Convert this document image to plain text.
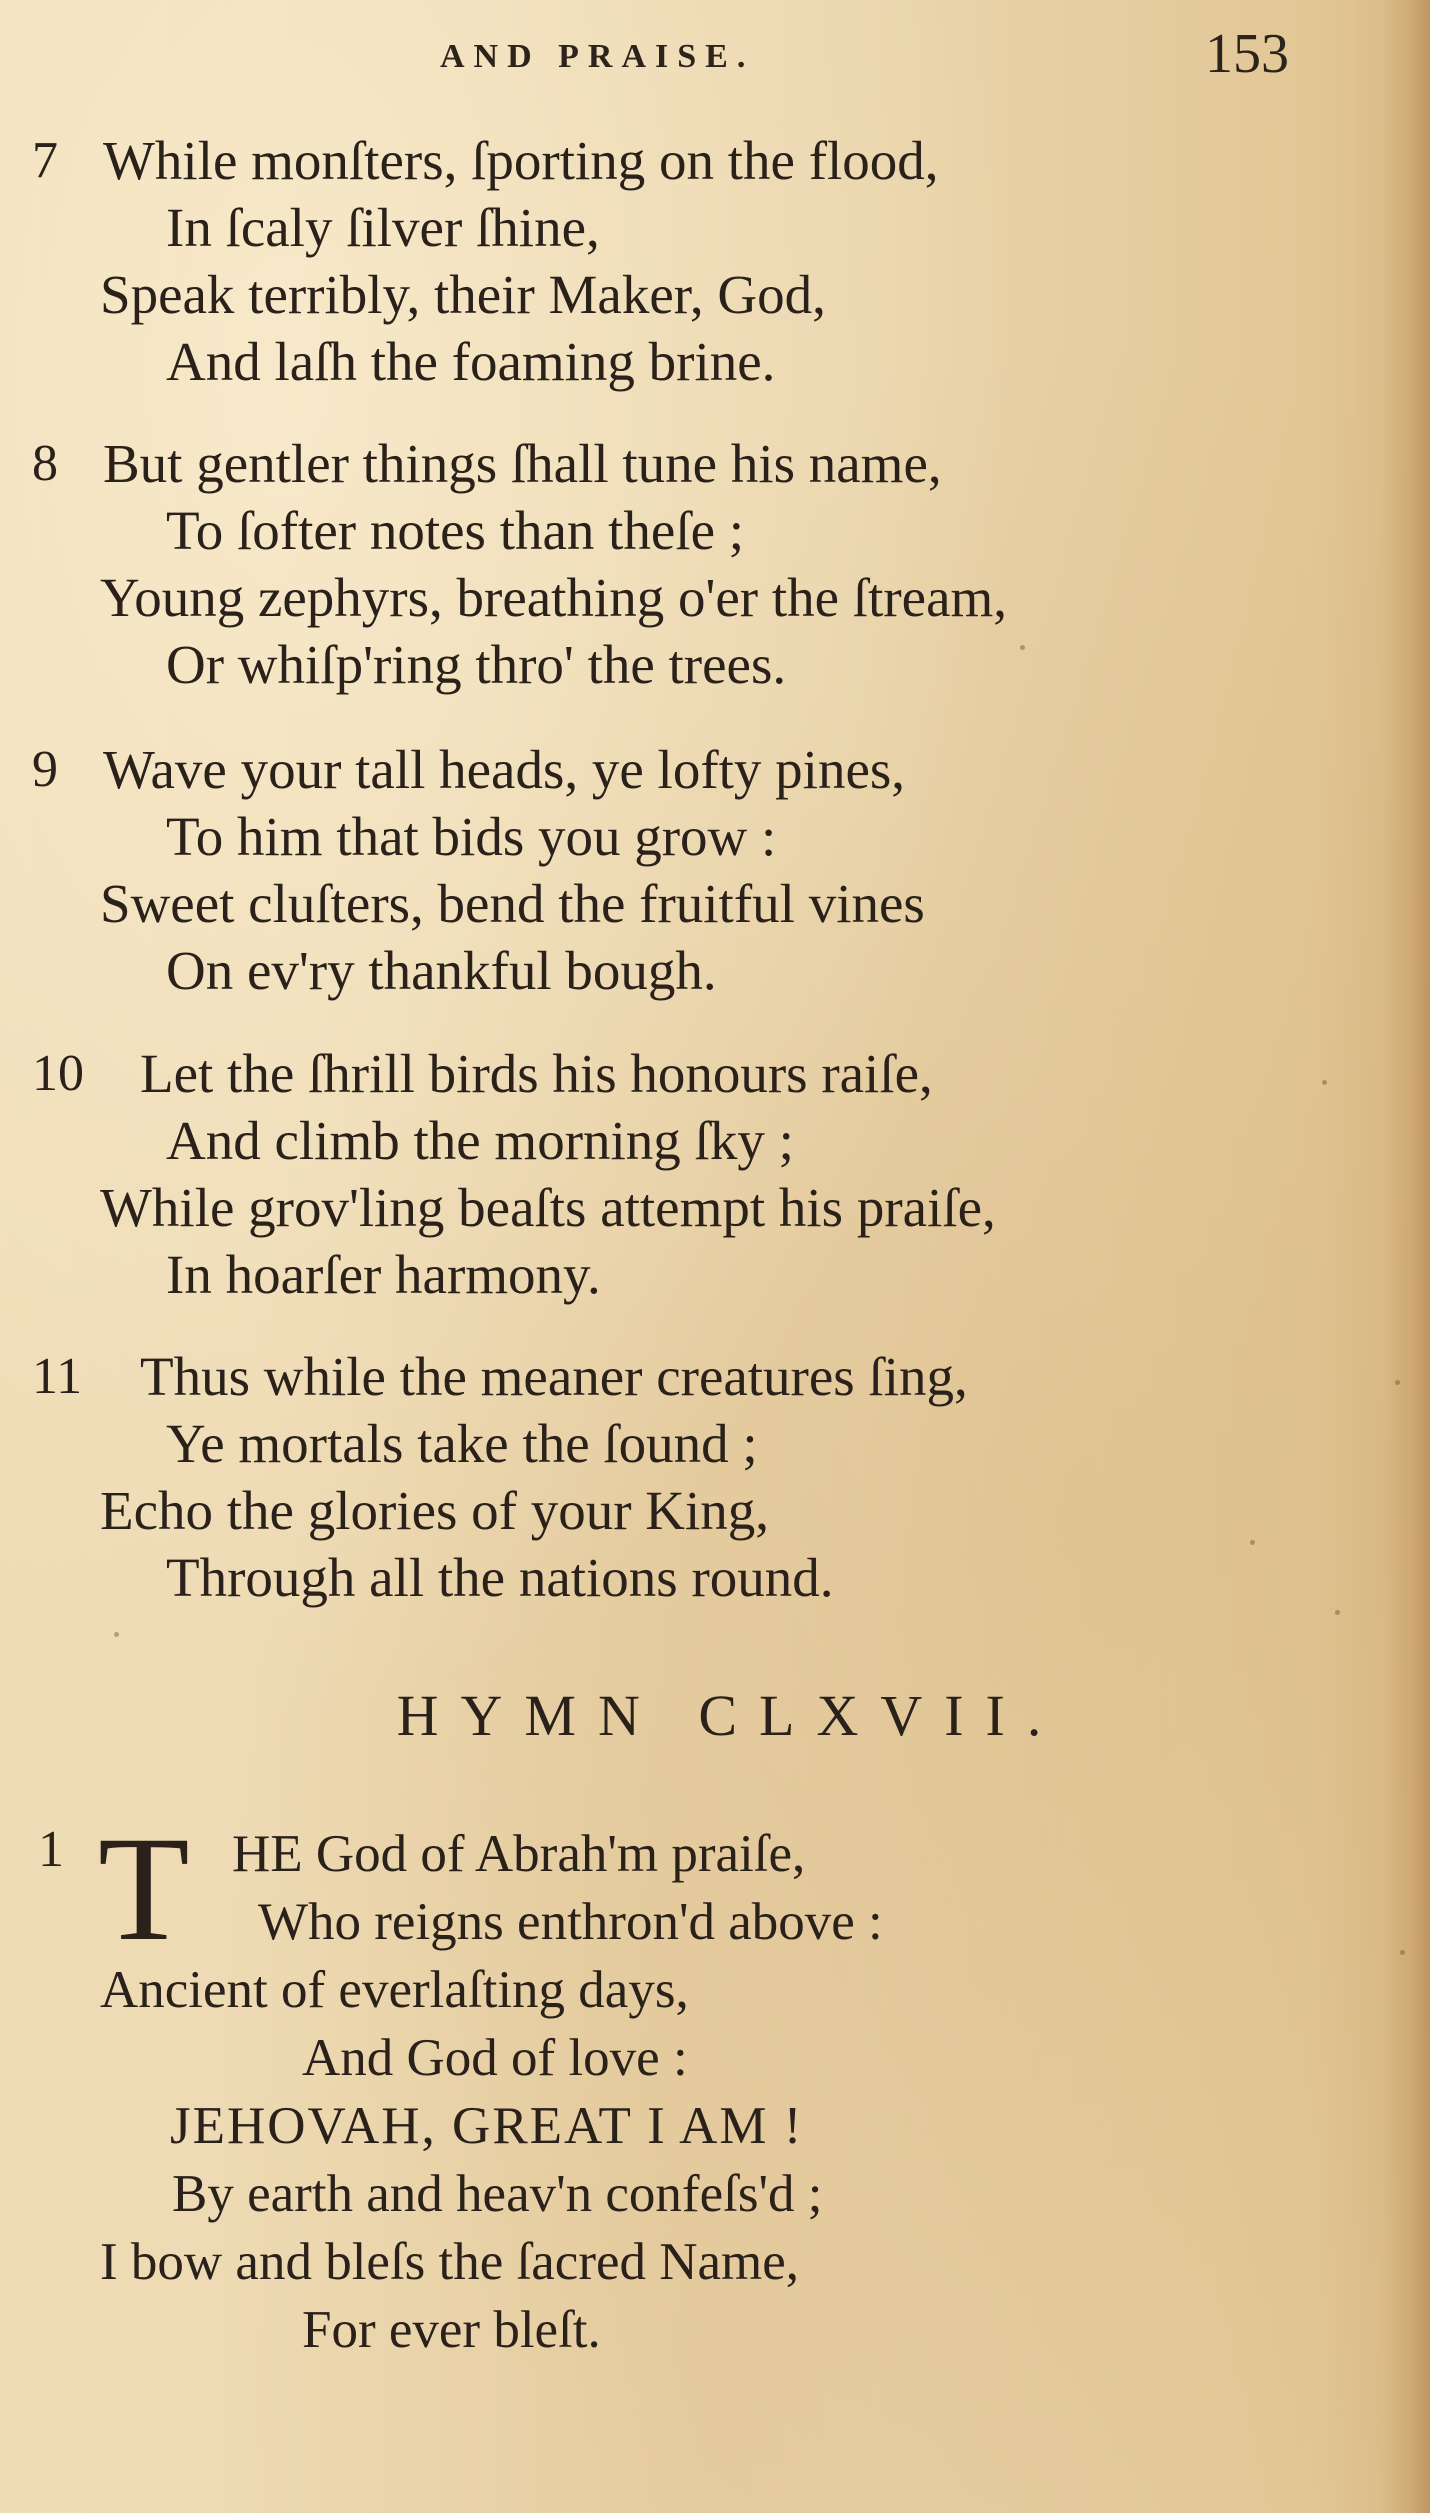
AND PRAISE.	153
7 While monſters, ſporting on the flood,
In ſcaly ſilver ſhine,
Speak terribly, their Maker, God,
And laſh the foaming brine.
8 But gentler things ſhall tune his name,
To ſofter notes than theſe ;
Young zephyrs, breathing o'er the ſtream,
Or whiſp'ring thro' the trees.
9 Wave your tall heads, ye lofty pines,
To him that bids you grow :
Sweet cluſters, bend the fruitful vines
On ev'ry thankful bough.
10 Let the ſhrill birds his honours raiſe,
And climb the morning ſky ;
While grov'ling beaſts attempt his praiſe,
In hoarſer harmony.
11 Thus while the meaner creatures ſing,
Ye mortals take the ſound ;
Echo the glories of your King,
Through all the nations round.
HYMN CLXVII.
1 T HE God of Abrah'm praiſe,
Who reigns enthron'd above :
Ancient of everlaſting days,
And God of love :
JEHOVAH, GREAT I AM !
By earth and heav'n confeſs'd ;
I bow and bleſs the ſacred Name,
For ever bleſt.
